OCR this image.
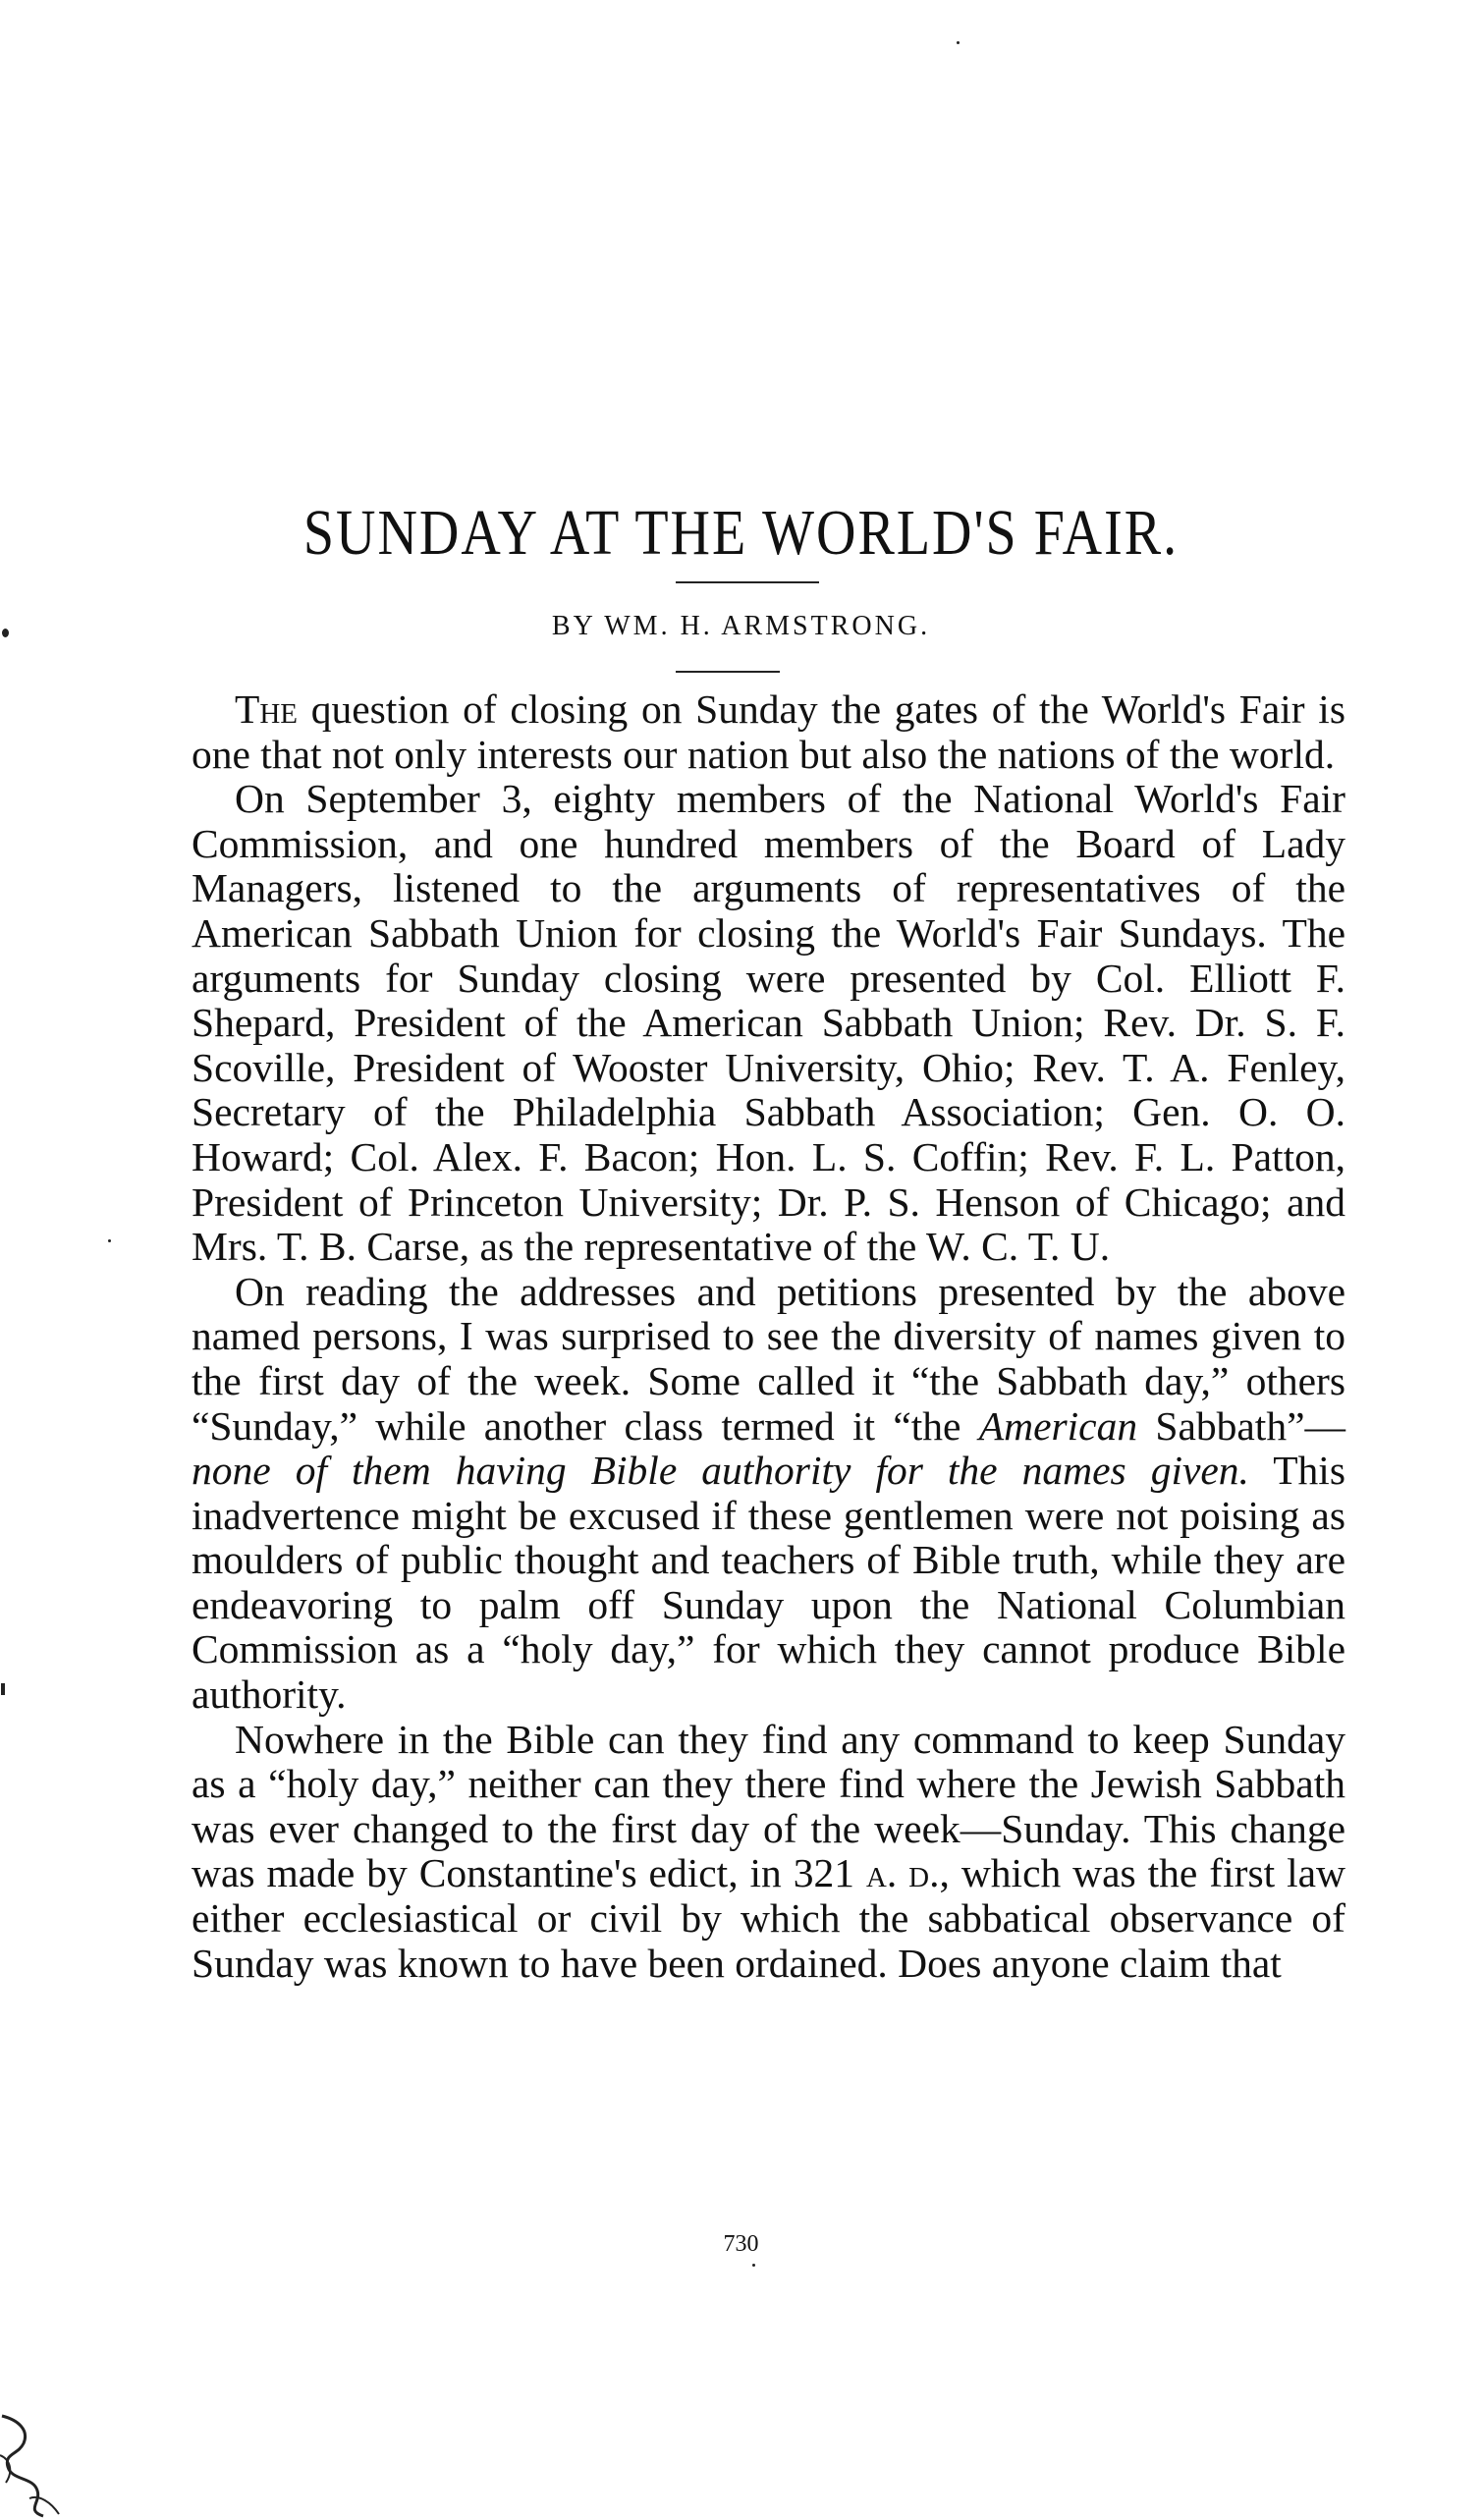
SUNDAY AT THE WORLD'S FAIR.
BY WM. H. ARMSTRONG.

The question of closing on Sunday the gates of the World's Fair is one that not only interests our nation but also the nations of the world.

On September 3, eighty members of the National World's Fair Commission, and one hundred members of the Board of Lady Managers, listened to the arguments of representatives of the American Sabbath Union for closing the World's Fair Sundays. The arguments for Sunday closing were presented by Col. Elliott F. Shepard, President of the American Sabbath Union; Rev. Dr. S. F. Scoville, President of Wooster University, Ohio; Rev. T. A. Fenley, Secretary of the Philadelphia Sabbath Association; Gen. O. O. Howard; Col. Alex. F. Bacon; Hon. L. S. Coffin; Rev. F. L. Patton, President of Princeton University; Dr. P. S. Henson of Chicago; and Mrs. T. B. Carse, as the representative of the W. C. T. U.

On reading the addresses and petitions presented by the above named persons, I was surprised to see the diversity of names given to the first day of the week. Some called it “the Sabbath day,” others “Sunday,” while another class termed it “the American Sabbath”—none of them having Bible authority for the names given. This inadvertence might be excused if these gentlemen were not poising as moulders of public thought and teachers of Bible truth, while they are endeavoring to palm off Sunday upon the National Columbian Commission as a “holy day,” for which they cannot produce Bible authority.

Nowhere in the Bible can they find any command to keep Sunday as a “holy day,” neither can they there find where the Jewish Sabbath was ever changed to the first day of the week—Sunday. This change was made by Constantine's edict, in 321 a. d., which was the first law either ecclesiastical or civil by which the sabbatical observance of Sunday was known to have been ordained. Does anyone claim that

730
